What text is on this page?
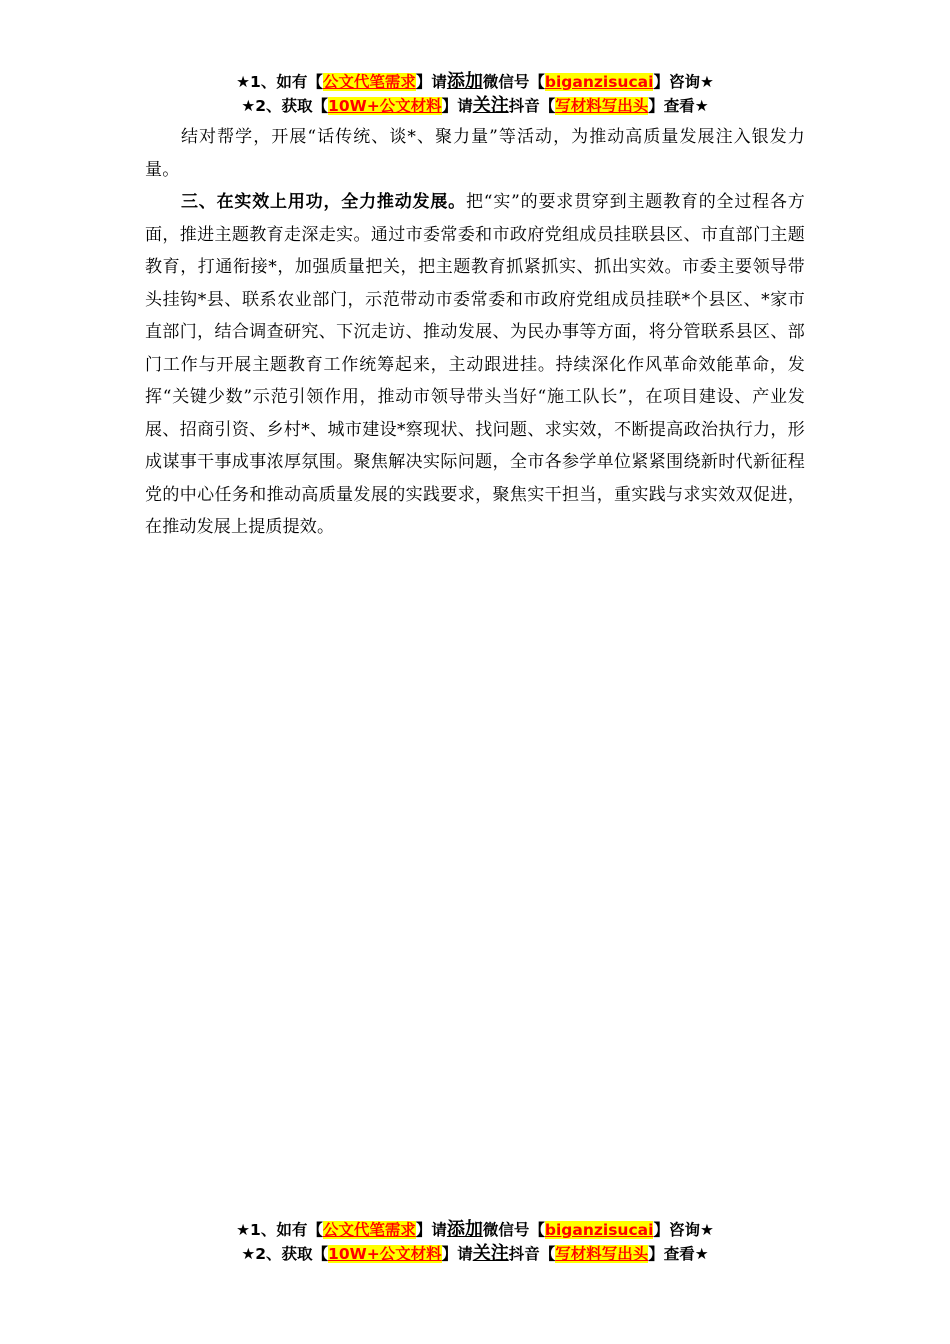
★1、如有【公文代笔需求】请添加微信号【biganzisucai】咨询★
★2、获取【10W+公文材料】请关注抖音【写材料写出头】查看★

结对帮学，开展“话传统、谈*、聚力量”等活动，为推动高质量发展注入银发力量。

三、在实效上用功，全力推动发展。把“实”的要求贯穿到主题教育的全过程各方面，推进主题教育走深走实。通过市委常委和市政府党组成员挂联县区、市直部门主题教育，打通衔接*，加强质量把关，把主题教育抓紧抓实、抓出实效。市委主要领导带头挂钩*县、联系农业部门，示范带动市委常委和市政府党组成员挂联*个县区、*家市直部门，结合调查研究、下沉走访、推动发展、为民办事等方面，将分管联系县区、部门工作与开展主题教育工作统筹起来，主动跟进挂。持续深化作风革命效能革命，发挥“关键少数”示范引领作用，推动市领导带头当好“施工队长”，在项目建设、产业发展、招商引资、乡村*、城市建设*察现状、找问题、求实效，不断提高政治执行力，形成谋事干事成事浓厚氛围。聚焦解决实际问题，全市各参学单位紧紧围绕新时代新征程党的中心任务和推动高质量发展的实践要求，聚焦实干担当，重实践与求实效双促进，在推动发展上提质提效。

★1、如有【公文代笔需求】请添加微信号【biganzisucai】咨询★
★2、获取【10W+公文材料】请关注抖音【写材料写出头】查看★
